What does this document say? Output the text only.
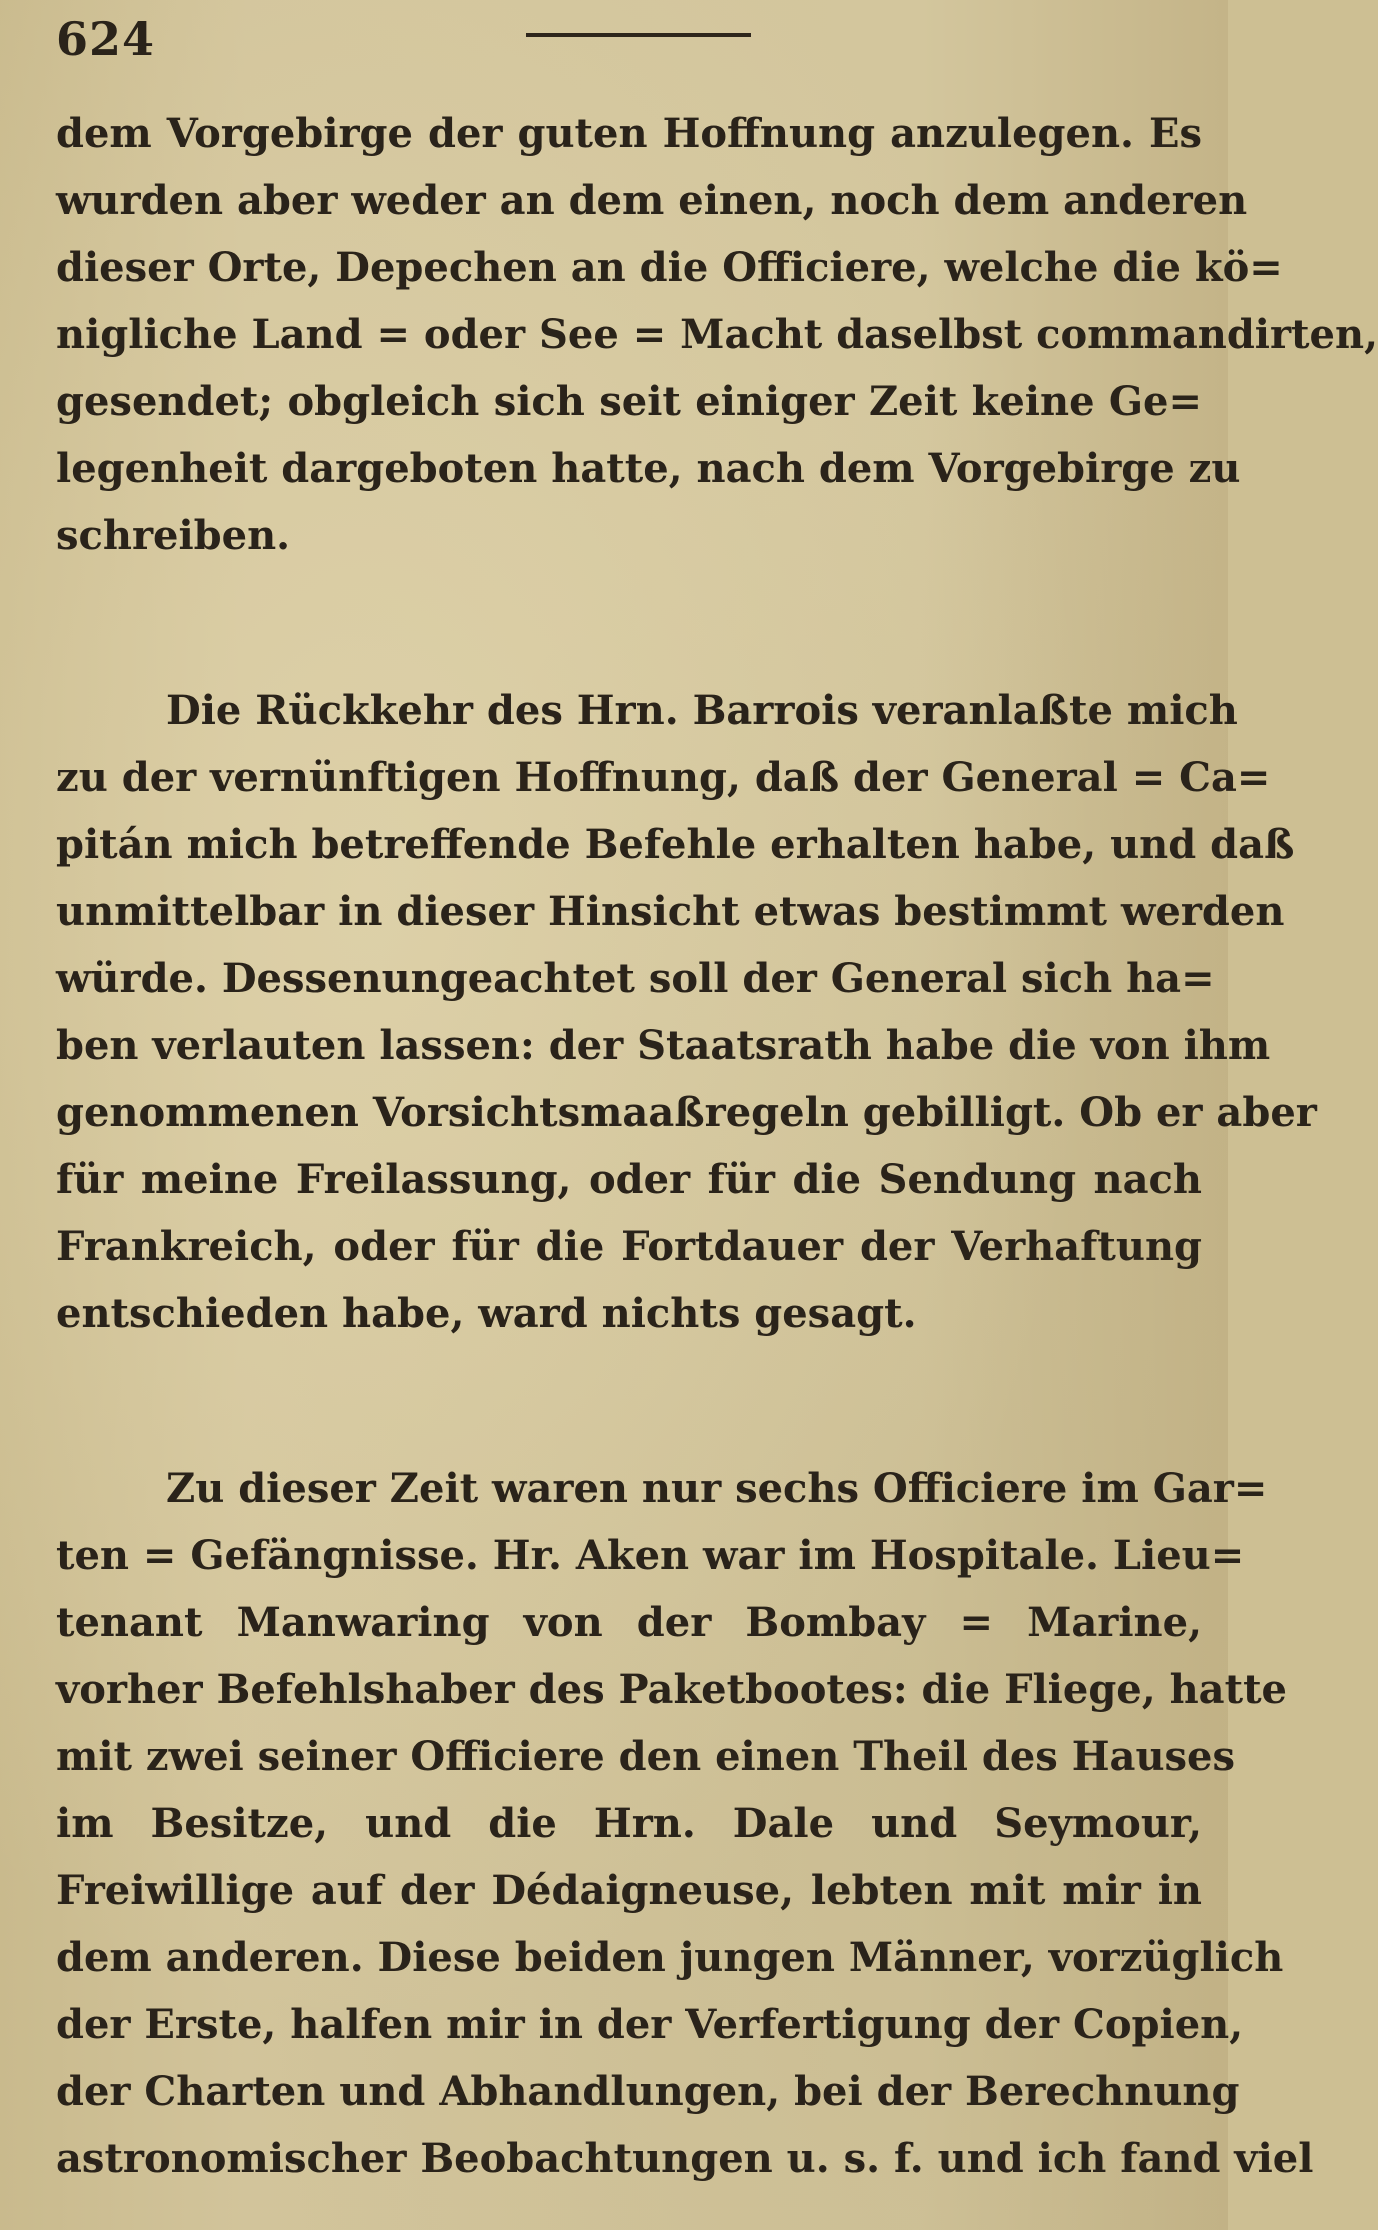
624
dem Vorgebirge der guten Hoffnung anzulegen. Es
wurden aber weder an dem einen, noch dem anderen
dieser Orte, Depechen an die Officiere, welche die kö=
nigliche Land = oder See = Macht daselbst commandirten,
gesendet; obgleich sich seit einiger Zeit keine Ge=
legenheit dargeboten hatte, nach dem Vorgebirge zu
schreiben.
Die Rückkehr des Hrn. Barrois veranlaßte mich
zu der vernünftigen Hoffnung, daß der General = Ca=
pitán mich betreffende Befehle erhalten habe, und daß
unmittelbar in dieser Hinsicht etwas bestimmt werden
würde. Dessenungeachtet soll der General sich ha=
ben verlauten lassen: der Staatsrath habe die von ihm
genommenen Vorsichtsmaaßregeln gebilligt. Ob er aber
für meine Freilassung, oder für die Sendung nach
Frankreich, oder für die Fortdauer der Verhaftung
entschieden habe, ward nichts gesagt.
Zu dieser Zeit waren nur sechs Officiere im Gar=
ten = Gefängnisse. Hr. Aken war im Hospitale. Lieu=
tenant Manwaring von der Bombay = Marine,
vorher Befehlshaber des Paketbootes: die Fliege, hatte
mit zwei seiner Officiere den einen Theil des Hauses
im Besitze, und die Hrn. Dale und Seymour,
Freiwillige auf der Dédaigneuse, lebten mit mir in
dem anderen. Diese beiden jungen Männer, vorzüglich
der Erste, halfen mir in der Verfertigung der Copien,
der Charten und Abhandlungen, bei der Berechnung
astronomischer Beobachtungen u. s. f. und ich fand viel
